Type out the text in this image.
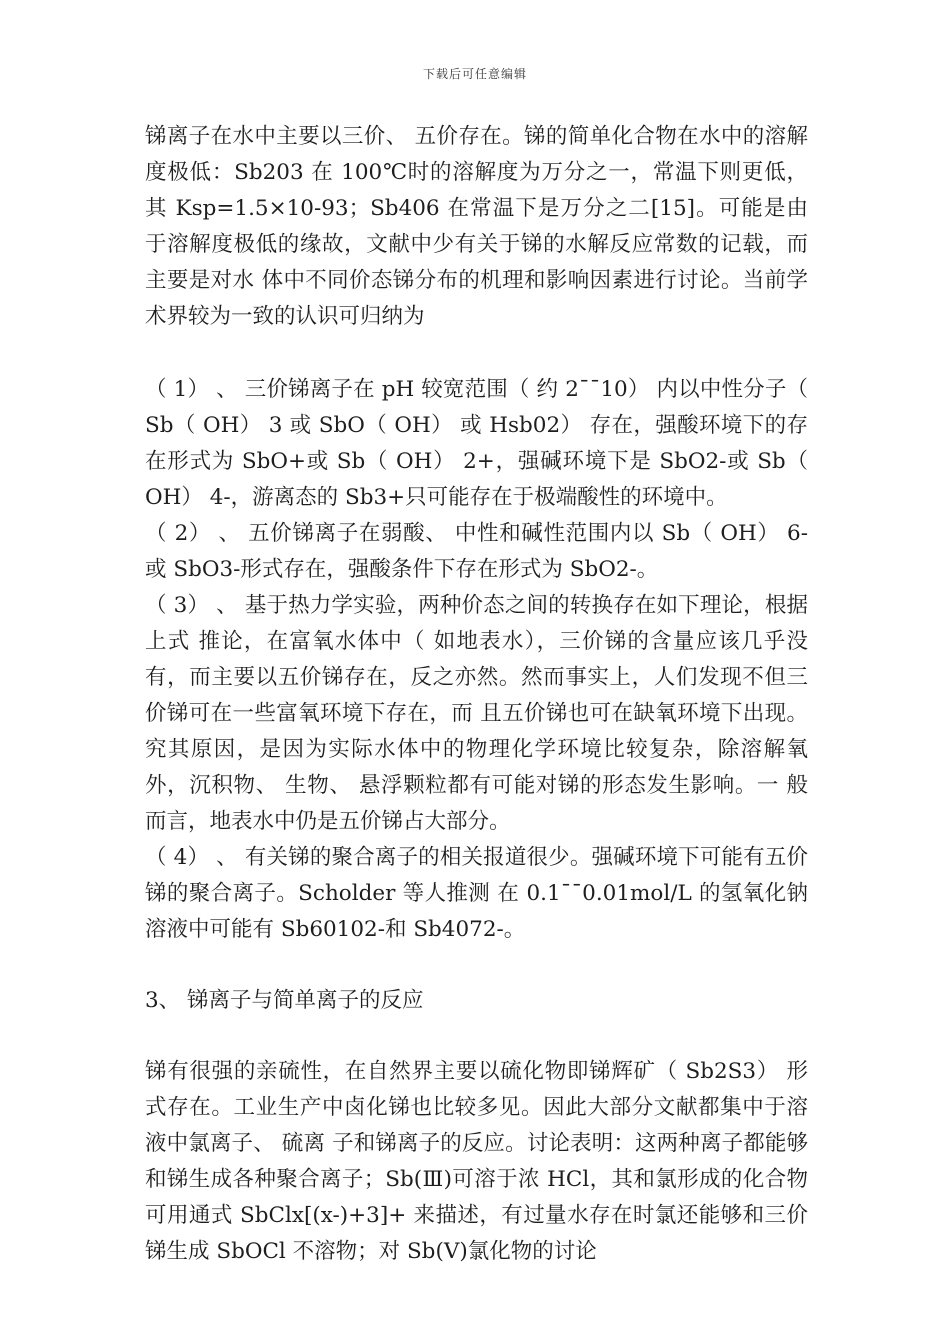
下载后可任意编辑

锑离子在水中主要以三价、 五价存在。锑的简单化合物在水中的溶解度极低：Sb203 在 100℃时的溶解度为万分之一，常温下则更低，其 Ksp=1.5×10-93；Sb406 在常温下是万分之二[15]。可能是由于溶解度极低的缘故，文献中少有关于锑的水解反应常数的记载，而主要是对水 体中不同价态锑分布的机理和影响因素进行讨论。当前学术界较为一致的认识可归纳为

（ 1） 、 三价锑离子在 pH 较宽范围（ 约 2¯¯10） 内以中性分子（ Sb（ OH） 3 或 SbO（ OH） 或 Hsb02） 存在，强酸环境下的存在形式为 SbO+或 Sb（ OH） 2+，强碱环境下是 SbO2-或 Sb（ OH） 4-，游离态的 Sb3+只可能存在于极端酸性的环境中。

（ 2） 、 五价锑离子在弱酸、 中性和碱性范围内以 Sb（ OH） 6-或 SbO3-形式存在，强酸条件下存在形式为 SbO2-。

（ 3） 、 基于热力学实验，两种价态之间的转换存在如下理论，根据上式 推论，在富氧水体中（ 如地表水），三价锑的含量应该几乎没有，而主要以五价锑存在，反之亦然。然而事实上，人们发现不但三价锑可在一些富氧环境下存在，而 且五价锑也可在缺氧环境下出现。究其原因，是因为实际水体中的物理化学环境比较复杂，除溶解氧外，沉积物、 生物、 悬浮颗粒都有可能对锑的形态发生影响。一 般而言，地表水中仍是五价锑占大部分。

（ 4） 、 有关锑的聚合离子的相关报道很少。强碱环境下可能有五价锑的聚合离子。Scholder 等人推测 在 0.1¯¯0.01mol/L 的氢氧化钠溶液中可能有 Sb60102-和 Sb4072-。

3、 锑离子与简单离子的反应

锑有很强的亲硫性，在自然界主要以硫化物即锑辉矿（ Sb2S3） 形式存在。工业生产中卤化锑也比较多见。因此大部分文献都集中于溶液中氯离子、 硫离 子和锑离子的反应。讨论表明：这两种离子都能够和锑生成各种聚合离子；Sb(Ⅲ)可溶于浓 HCl，其和氯形成的化合物可用通式 SbClx[(x-)+3]+ 来描述，有过量水存在时氯还能够和三价锑生成 SbOCl 不溶物；对 Sb(V)氯化物的讨论
